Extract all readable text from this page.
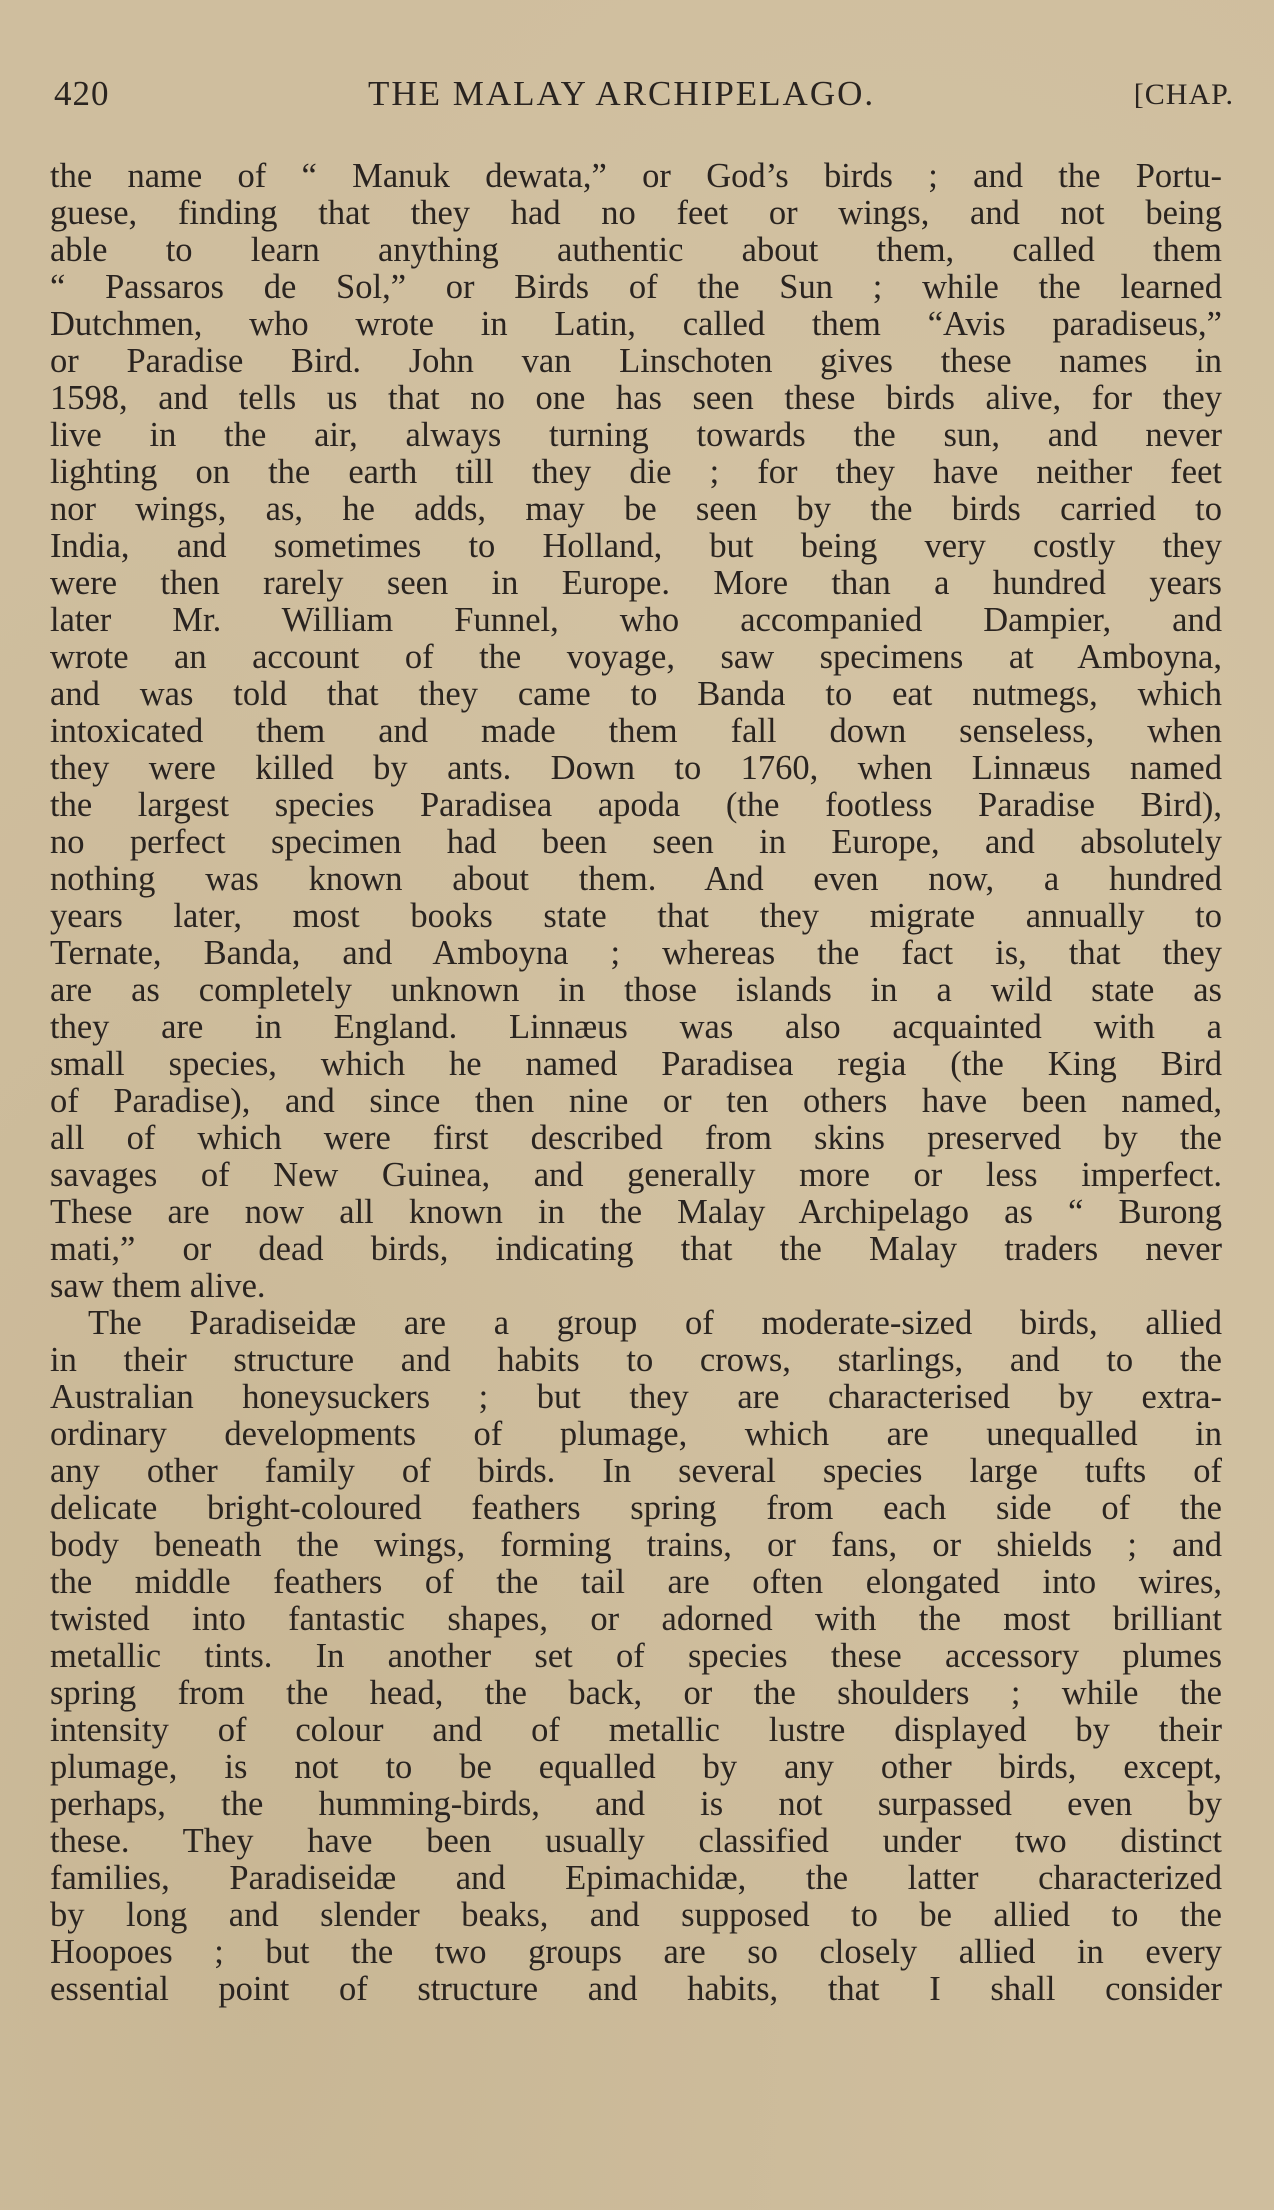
420	THE MALAY ARCHIPELAGO.	[CHAP.
the name of “ Manuk dewata,” or God’s birds ; and the Portu-
guese, finding that they had no feet or wings, and not being
able to learn anything authentic about them, called them
“ Passaros de Sol,” or Birds of the Sun ; while the learned
Dutchmen, who wrote in Latin, called them “Avis paradiseus,”
or Paradise Bird. John van Linschoten gives these names in
1598, and tells us that no one has seen these birds alive, for they
live in the air, always turning towards the sun, and never
lighting on the earth till they die ; for they have neither feet
nor wings, as, he adds, may be seen by the birds carried to
India, and sometimes to Holland, but being very costly they
were then rarely seen in Europe. More than a hundred years
later Mr. William Funnel, who accompanied Dampier, and
wrote an account of the voyage, saw specimens at Amboyna,
and was told that they came to Banda to eat nutmegs, which
intoxicated them and made them fall down senseless, when
they were killed by ants. Down to 1760, when Linnæus named
the largest species Paradisea apoda (the footless Paradise Bird),
no perfect specimen had been seen in Europe, and absolutely
nothing was known about them. And even now, a hundred
years later, most books state that they migrate annually to
Ternate, Banda, and Amboyna ; whereas the fact is, that they
are as completely unknown in those islands in a wild state as
they are in England. Linnæus was also acquainted with a
small species, which he named Paradisea regia (the King Bird
of Paradise), and since then nine or ten others have been named,
all of which were first described from skins preserved by the
savages of New Guinea, and generally more or less imperfect.
These are now all known in the Malay Archipelago as “ Burong
mati,” or dead birds, indicating that the Malay traders never
saw them alive.
The Paradiseidæ are a group of moderate-sized birds, allied
in their structure and habits to crows, starlings, and to the
Australian honeysuckers ; but they are characterised by extra-
ordinary developments of plumage, which are unequalled in
any other family of birds. In several species large tufts of
delicate bright-coloured feathers spring from each side of the
body beneath the wings, forming trains, or fans, or shields ; and
the middle feathers of the tail are often elongated into wires,
twisted into fantastic shapes, or adorned with the most brilliant
metallic tints. In another set of species these accessory plumes
spring from the head, the back, or the shoulders ; while the
intensity of colour and of metallic lustre displayed by their
plumage, is not to be equalled by any other birds, except,
perhaps, the humming-birds, and is not surpassed even by
these. They have been usually classified under two distinct
families, Paradiseidæ and Epimachidæ, the latter characterized
by long and slender beaks, and supposed to be allied to the
Hoopoes ; but the two groups are so closely allied in every
essential point of structure and habits, that I shall consider
